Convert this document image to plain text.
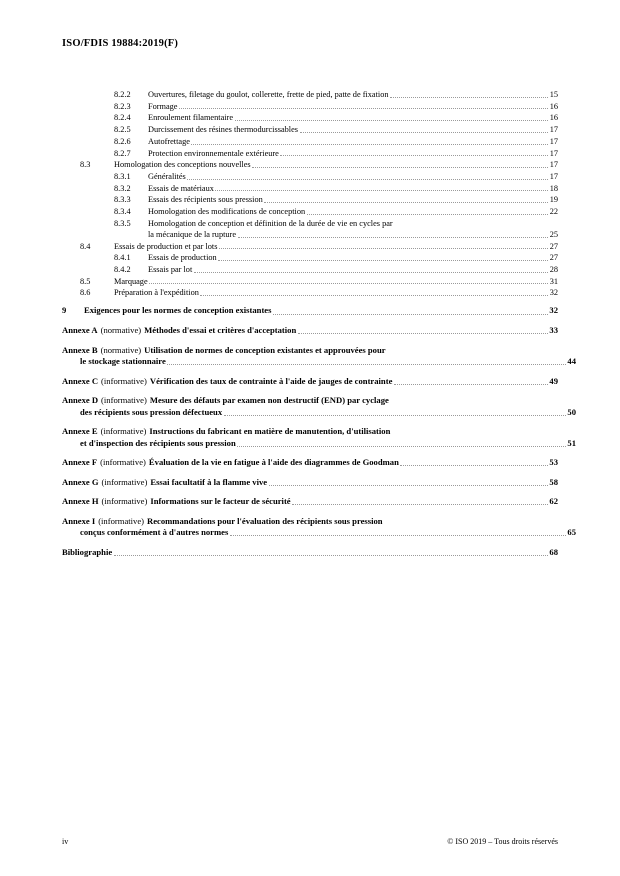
ISO/FDIS 19884:2019(F)
8.2.2	Ouvertures, filetage du goulot, collerette, frette de pied, patte de fixation	15
8.2.3	Formage	16
8.2.4	Enroulement filamentaire	16
8.2.5	Durcissement des résines thermodurcissables	17
8.2.6	Autofrettage	17
8.2.7	Protection environnementale extérieure	17
8.3	Homologation des conceptions nouvelles	17
8.3.1	Généralités	17
8.3.2	Essais de matériaux	18
8.3.3	Essais des récipients sous pression	19
8.3.4	Homologation des modifications de conception	22
8.3.5	Homologation de conception et définition de la durée de vie en cycles par
la mécanique de la rupture	25
8.4	Essais de production et par lots	27
8.4.1	Essais de production	27
8.4.2	Essais par lot	28
8.5	Marquage	31
8.6	Préparation à l'expédition	32
9	Exigences pour les normes de conception existantes	32
Annexe A (normative) Méthodes d'essai et critères d'acceptation	33
Annexe B (normative) Utilisation de normes de conception existantes et approuvées pour
le stockage stationnaire	44
Annexe C (informative) Vérification des taux de contrainte à l'aide de jauges de contrainte	49
Annexe D (informative) Mesure des défauts par examen non destructif (END) par cyclage
des récipients sous pression défectueux	50
Annexe E (informative) Instructions du fabricant en matière de manutention, d'utilisation
et d'inspection des récipients sous pression	51
Annexe F (informative) Évaluation de la vie en fatigue à l'aide des diagrammes de Goodman	53
Annexe G (informative) Essai facultatif à la flamme vive	58
Annexe H (informative) Informations sur le facteur de sécurité	62
Annexe I (informative) Recommandations pour l'évaluation des récipients sous pression
conçus conformément à d'autres normes	65
Bibliographie	68
iv	© ISO 2019 – Tous droits réservés
